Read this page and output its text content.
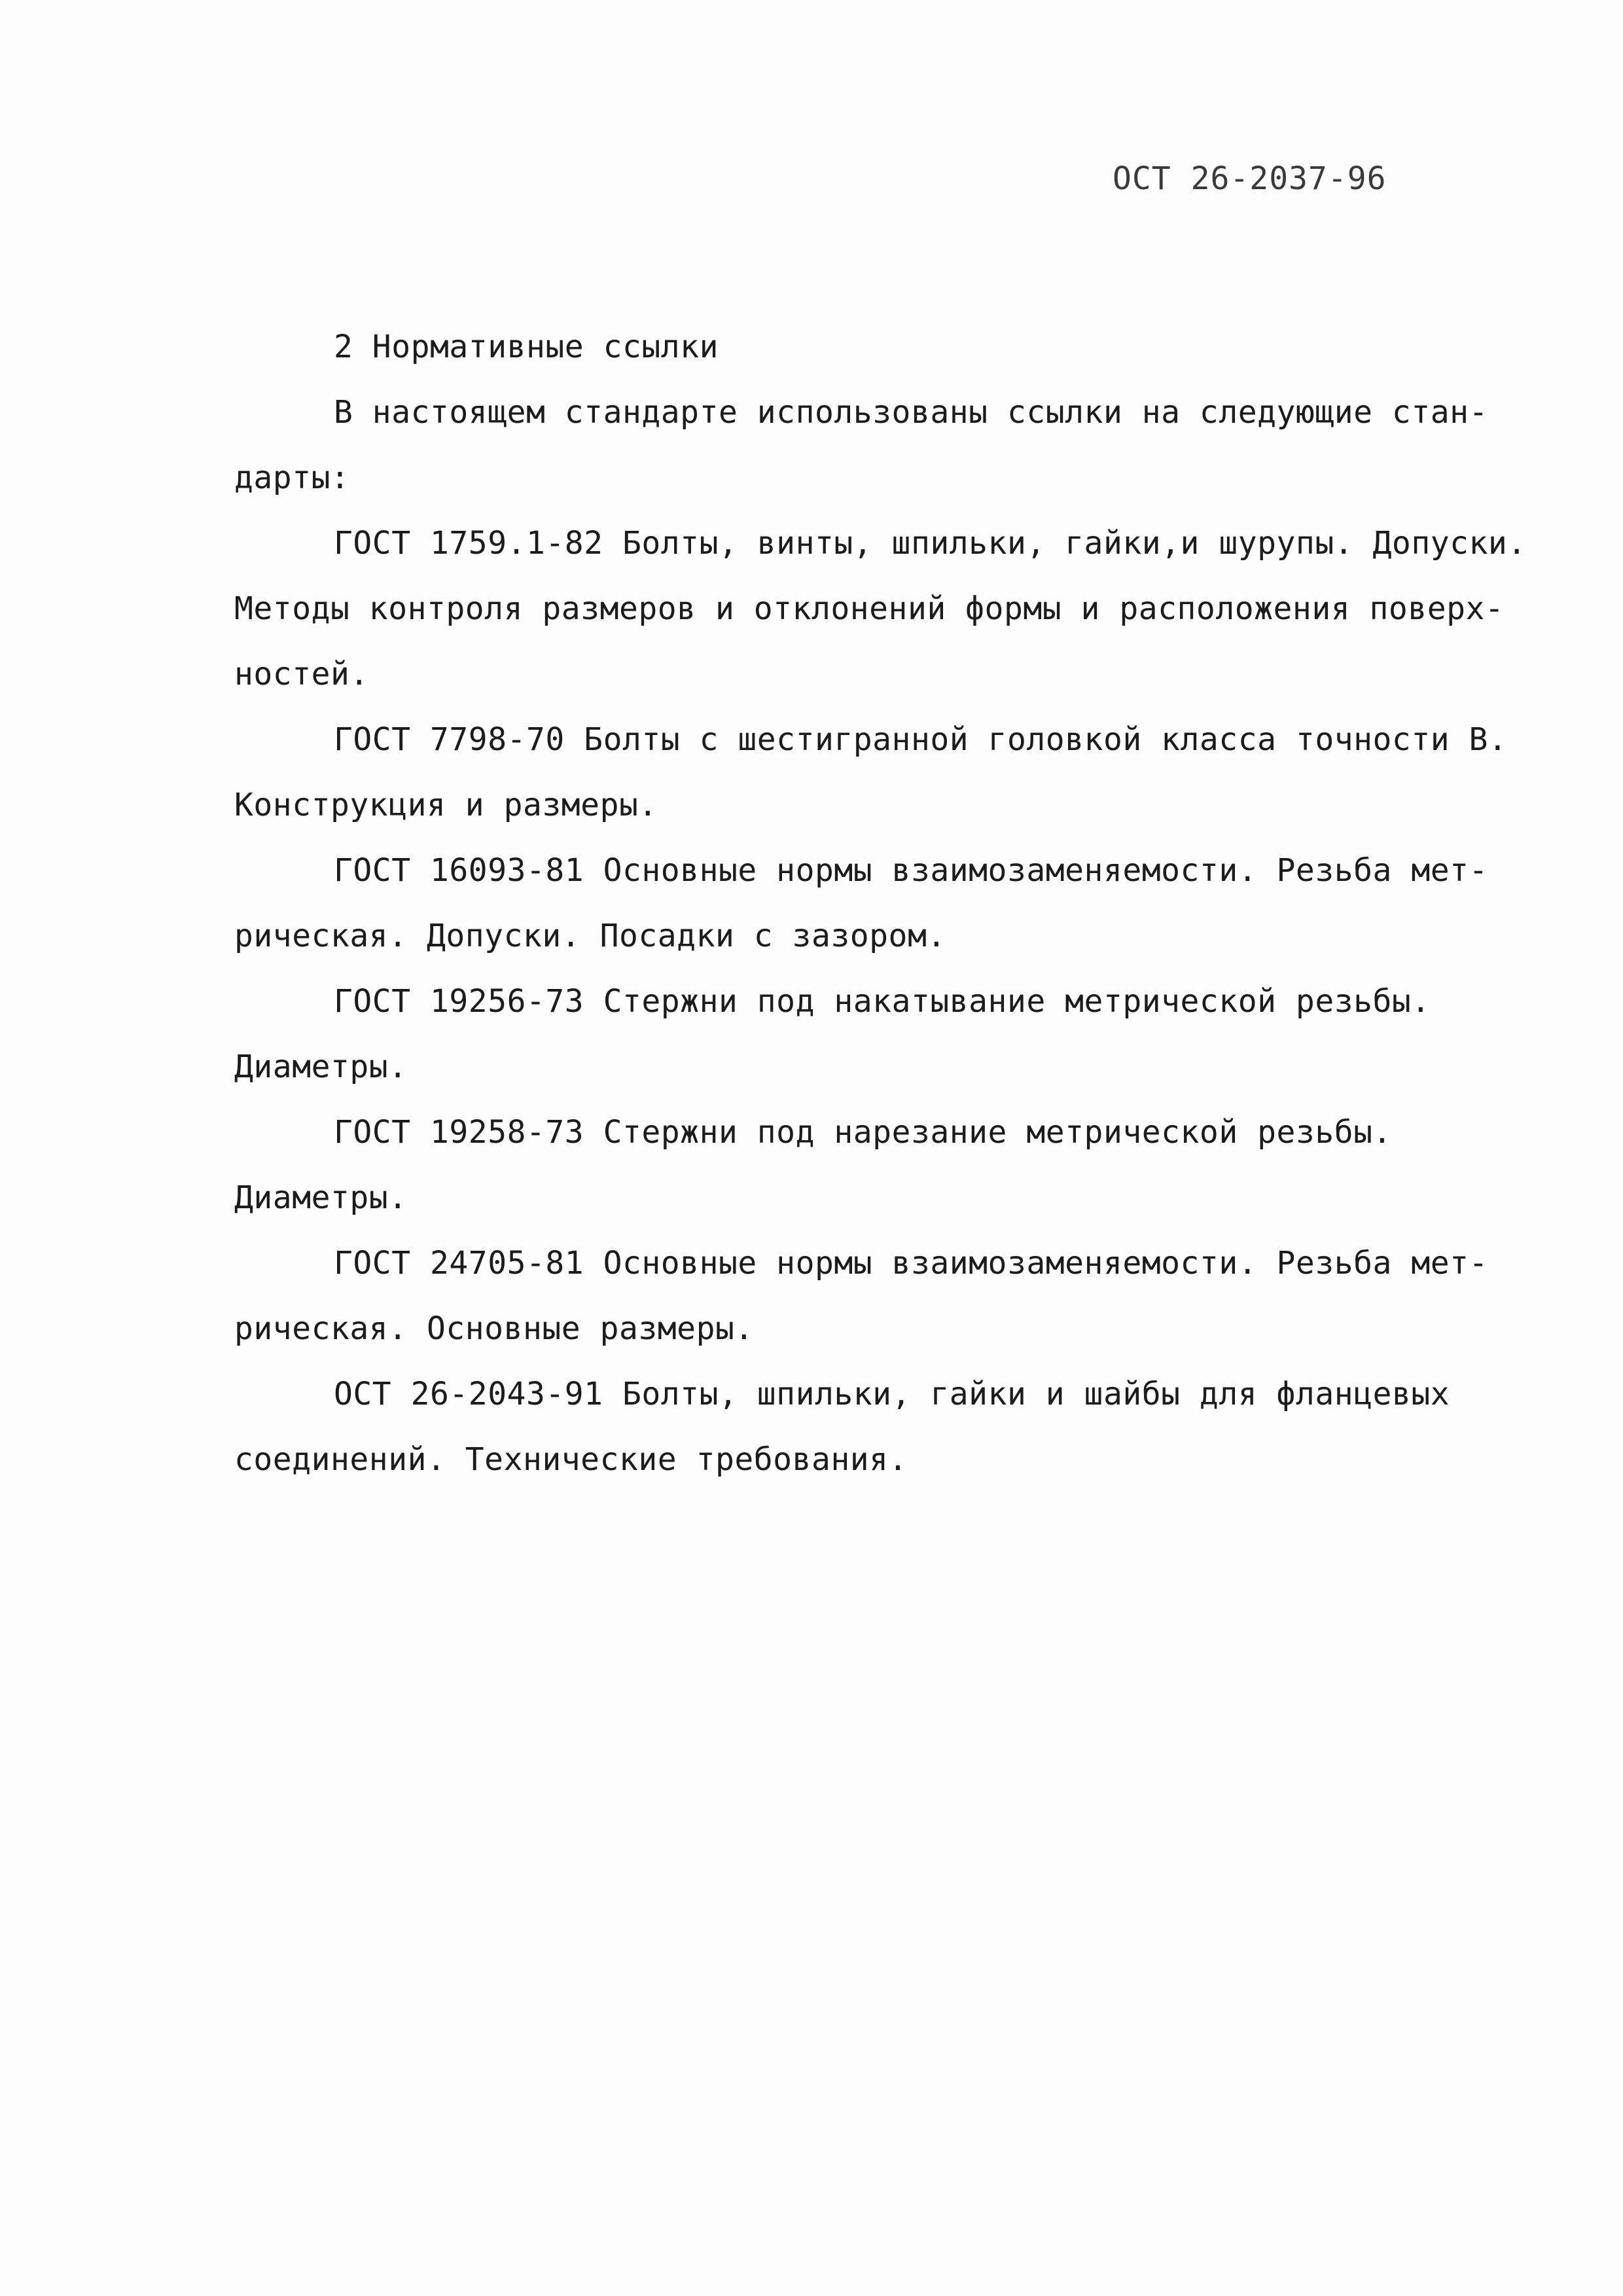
ОСТ 26-2037-96
2 Нормативные ссылки
В настоящем стандарте использованы ссылки на следующие стан-
дарты:
ГОСТ 1759.1-82 Болты, винты, шпильки, гайки,и шурупы. Допуски.
Методы контроля размеров и отклонений формы и расположения поверх-
ностей.
ГОСТ 7798-70 Болты с шестигранной головкой класса точности В.
Конструкция и размеры.
ГОСТ 16093-81 Основные нормы взаимозаменяемости. Резьба мет-
рическая. Допуски. Посадки с зазором.
ГОСТ 19256-73 Стержни под накатывание метрической резьбы.
Диаметры.
ГОСТ 19258-73 Стержни под нарезание метрической резьбы.
Диаметры.
ГОСТ 24705-81 Основные нормы взаимозаменяемости. Резьба мет-
рическая. Основные размеры.
ОСТ 26-2043-91 Болты, шпильки, гайки и шайбы для фланцевых
соединений. Технические требования.
